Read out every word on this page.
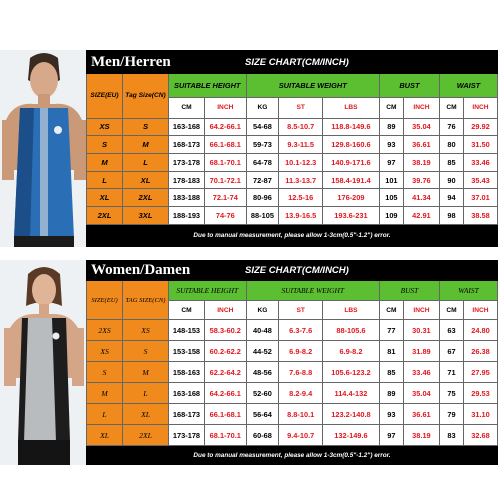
Men/Herren			SIZE CHART(CM/INCH)							
SIZE(EU)	Tag Size(CN)	SUITABLE HEIGHT		SUITABLE WEIGHT			BUST		WAIST	
		CM	INCH	KG	ST	LBS	CM	INCH	CM	INCH
XS	S	163-168	64.2-66.1	54-68	8.5-10.7	118.8-149.6	89	35.04	76	29.92
S	M	168-173	66.1-68.1	59-73	9.3-11.5	129.8-160.6	93	36.61	80	31.50
M	L	173-178	68.1-70.1	64-78	10.1-12.3	140.9-171.6	97	38.19	85	33.46
L	XL	178-183	70.1-72.1	72-87	11.3-13.7	158.4-191.4	101	39.76	90	35.43
XL	2XL	183-188	72.1-74	80-96	12.5-16	176-209	105	41.34	94	37.01
2XL	3XL	188-193	74-76	88-105	13.9-16.5	193.6-231	109	42.91	98	38.58
Due to manual measurement, please allow 1-3cm(0.5"-1.2") error.										
Women/Damen			SIZE CHART(CM/INCH)							
SIZE(EU)	TAG SIZE(CN)	SUITABLE HEIGHT		SUITABLE WEIGHT			BUST		WAIST	
		CM	INCH	KG	ST	LBS	CM	INCH	CM	INCH
2XS	XS	148-153	58.3-60.2	40-48	6.3-7.6	88-105.6	77	30.31	63	24.80
XS	S	153-158	60.2-62.2	44-52	6.9-8.2	6.9-8.2	81	31.89	67	26.38
S	M	158-163	62.2-64.2	48-56	7.6-8.8	105.6-123.2	85	33.46	71	27.95
M	L	163-168	64.2-66.1	52-60	8.2-9.4	114.4-132	89	35.04	75	29.53
L	XL	168-173	66.1-68.1	56-64	8.8-10.1	123.2-140.8	93	36.61	79	31.10
XL	2XL	173-178	68.1-70.1	60-68	9.4-10.7	132-149.6	97	38.19	83	32.68
Due to manual measurement, please allow 1-3cm(0.5"-1.2") error.										
